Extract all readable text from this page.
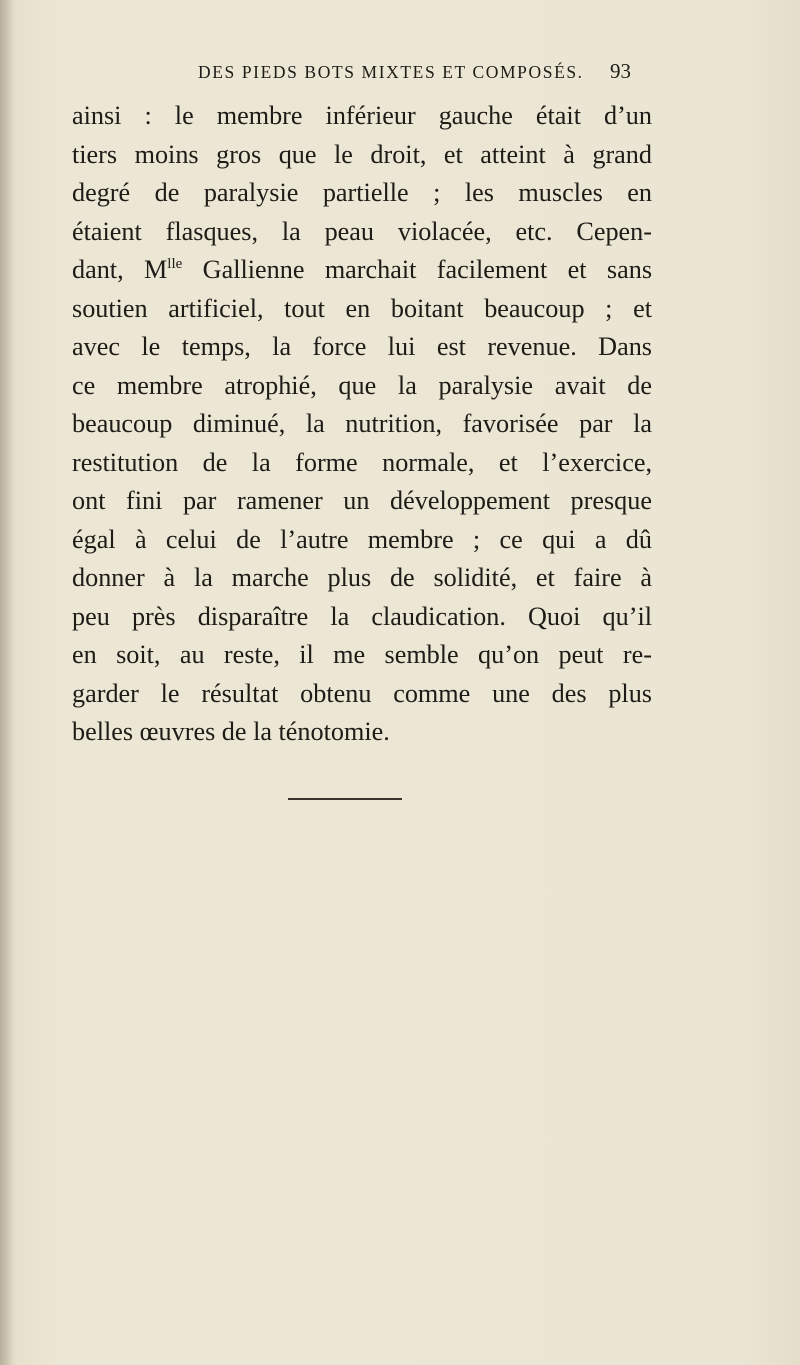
DES PIEDS BOTS MIXTES ET COMPOSÉS. 93
ainsi : le membre inférieur gauche était d’un
tiers moins gros que le droit, et atteint à grand
degré de paralysie partielle ; les muscles en
étaient flasques, la peau violacée, etc. Cepen-
dant, $M^{lle}$ Gallienne marchait facilement et sans
soutien artificiel, tout en boitant beaucoup ; et
avec le temps, la force lui est revenue. Dans
ce membre atrophié, que la paralysie avait de
beaucoup diminué, la nutrition, favorisée par la
restitution de la forme normale, et l’exercice,
ont fini par ramener un développement presque
égal à celui de l’autre membre ; ce qui a dû
donner à la marche plus de solidité, et faire à
peu près disparaître la claudication. Quoi qu’il
en soit, au reste, il me semble qu’on peut re-
garder le résultat obtenu comme une des plus
belles œuvres de la ténotomie.
